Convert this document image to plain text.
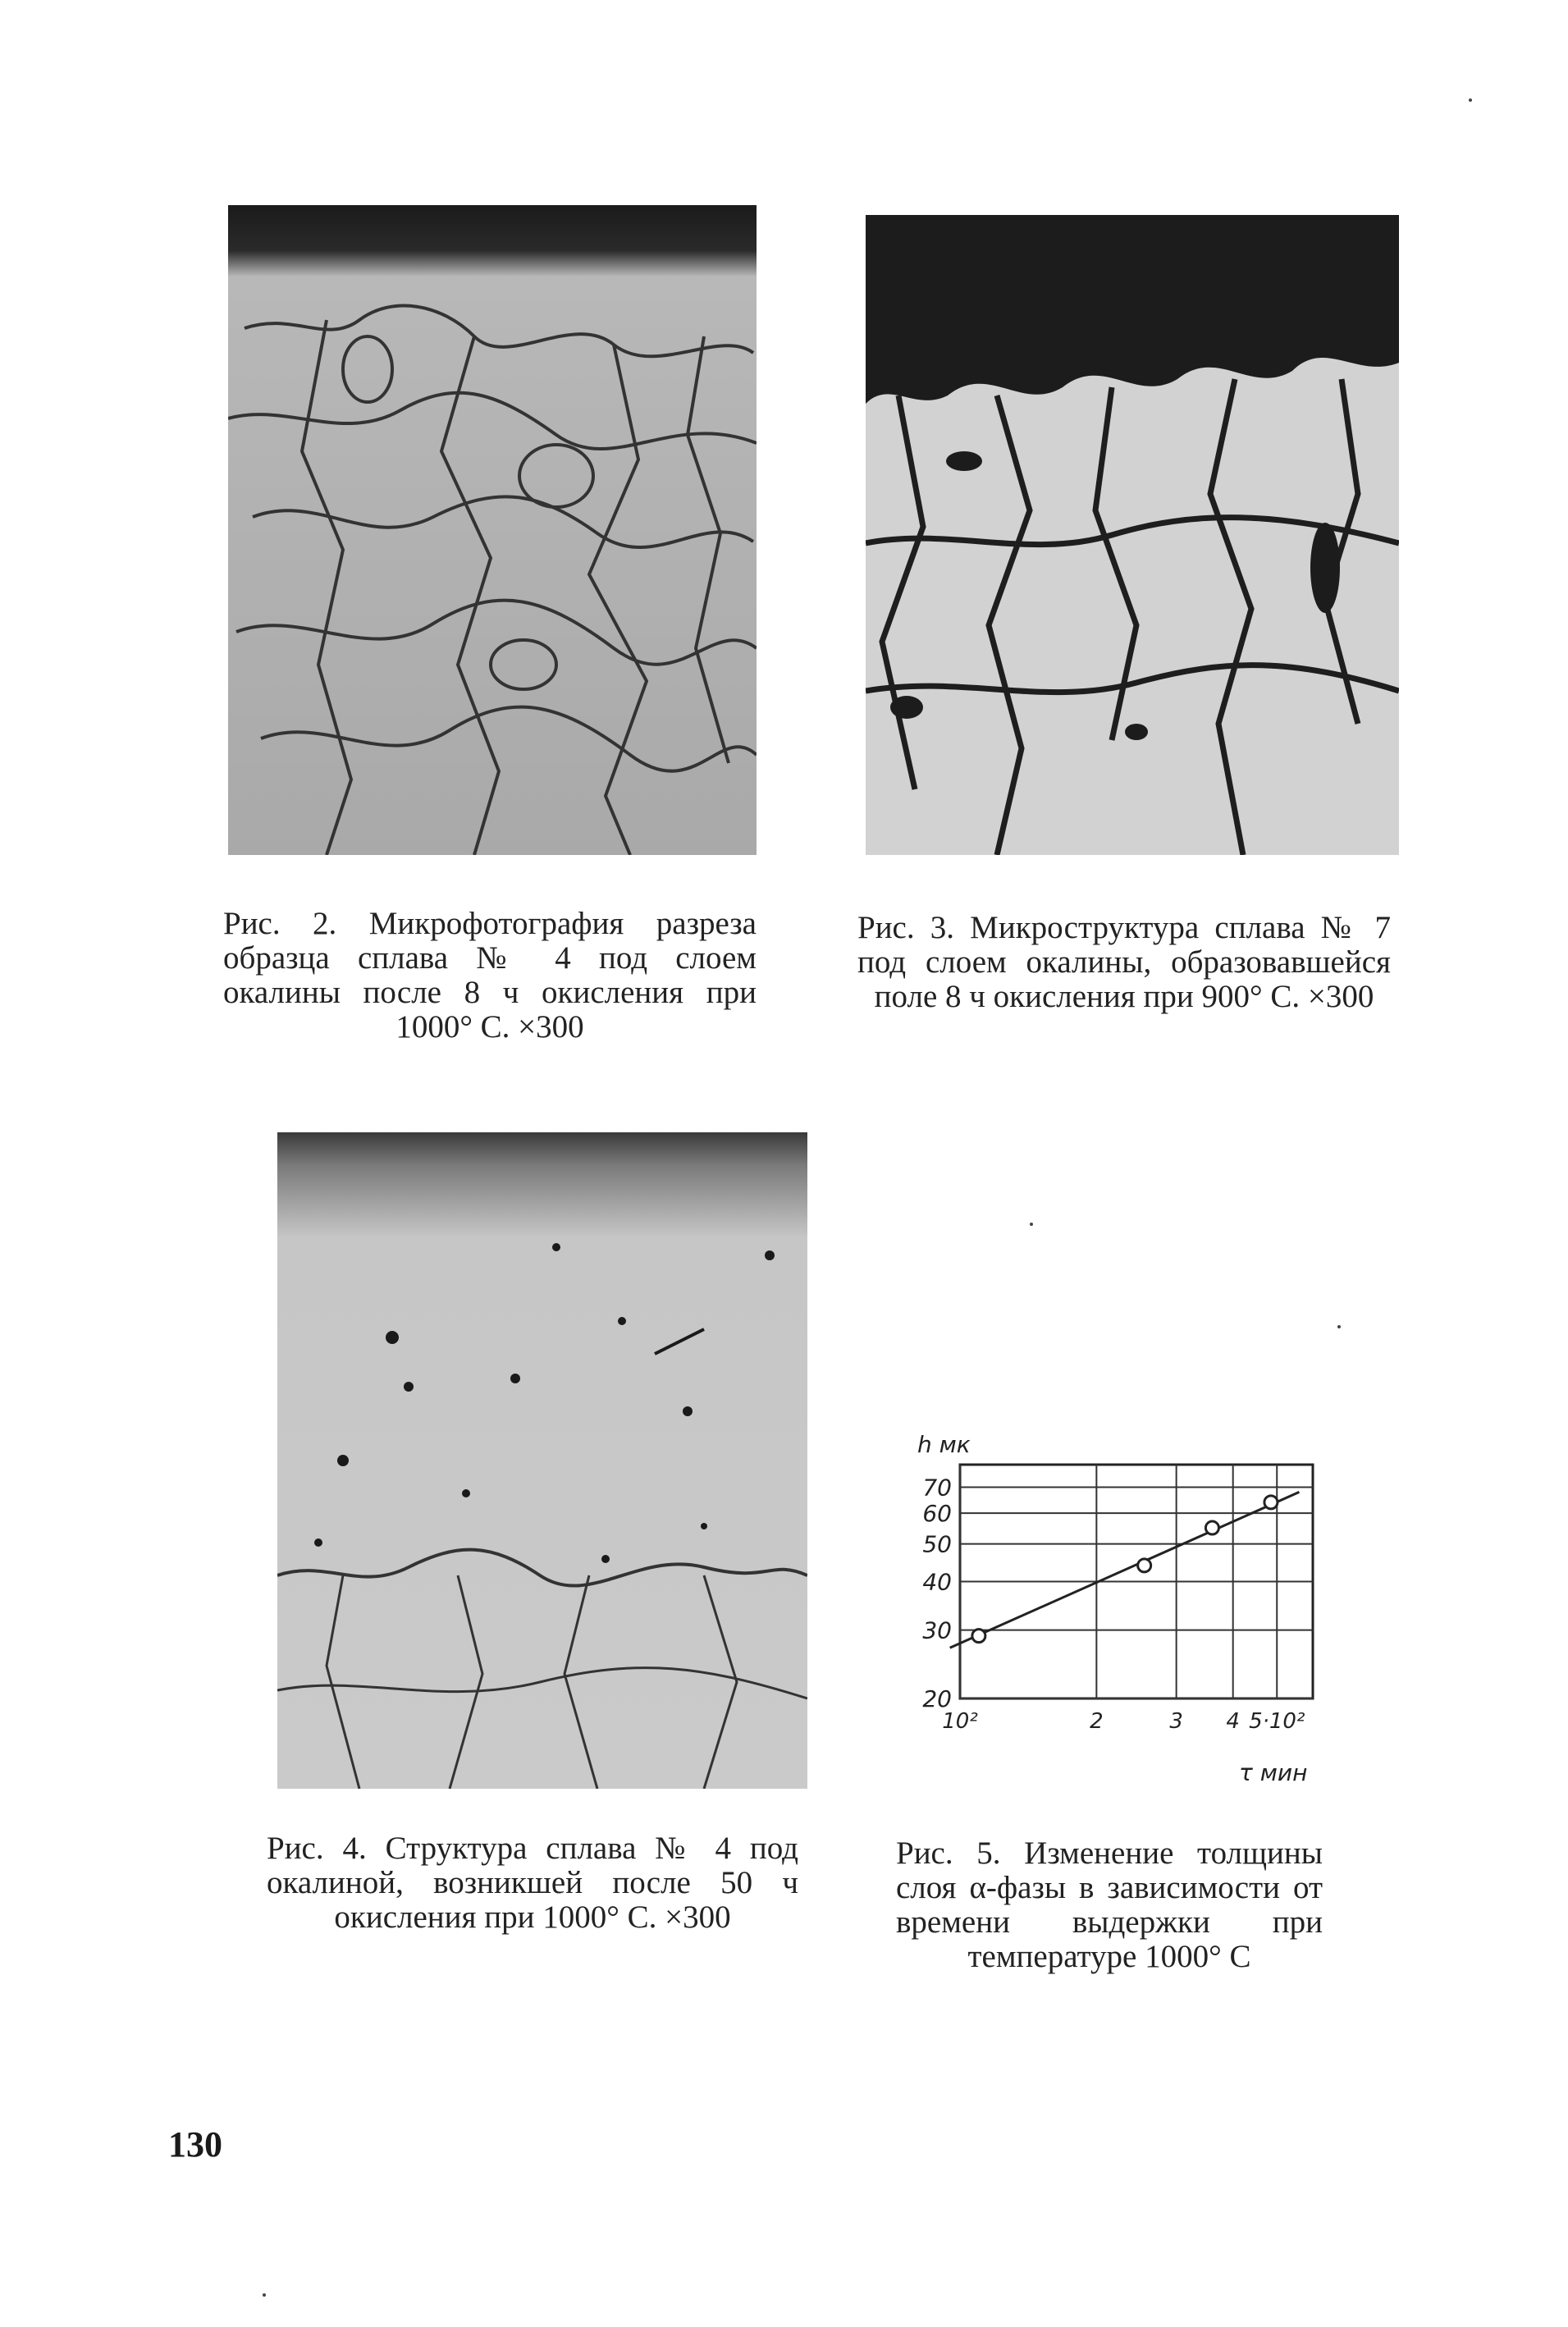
Рис. 2. Микрофотография разреза образца сплава № 4 под слоем окалины после 8 ч окисления при 1000° С. ×300
Рис. 3. Микроструктура сплава № 7 под слоем окалины, образовавшейся поле 8 ч окисления при 900° С. ×300
Рис. 4. Структура сплава № 4 под окалиной, возникшей после 50 ч окисления при 1000° С. ×300
Рис. 5. Изменение толщины слоя α-фазы в зависимости от времени выдержки при температуре 1000° С
20
30
40
50
60
70
10²	2	3 4 5·10²
h мк
τ мин
130
